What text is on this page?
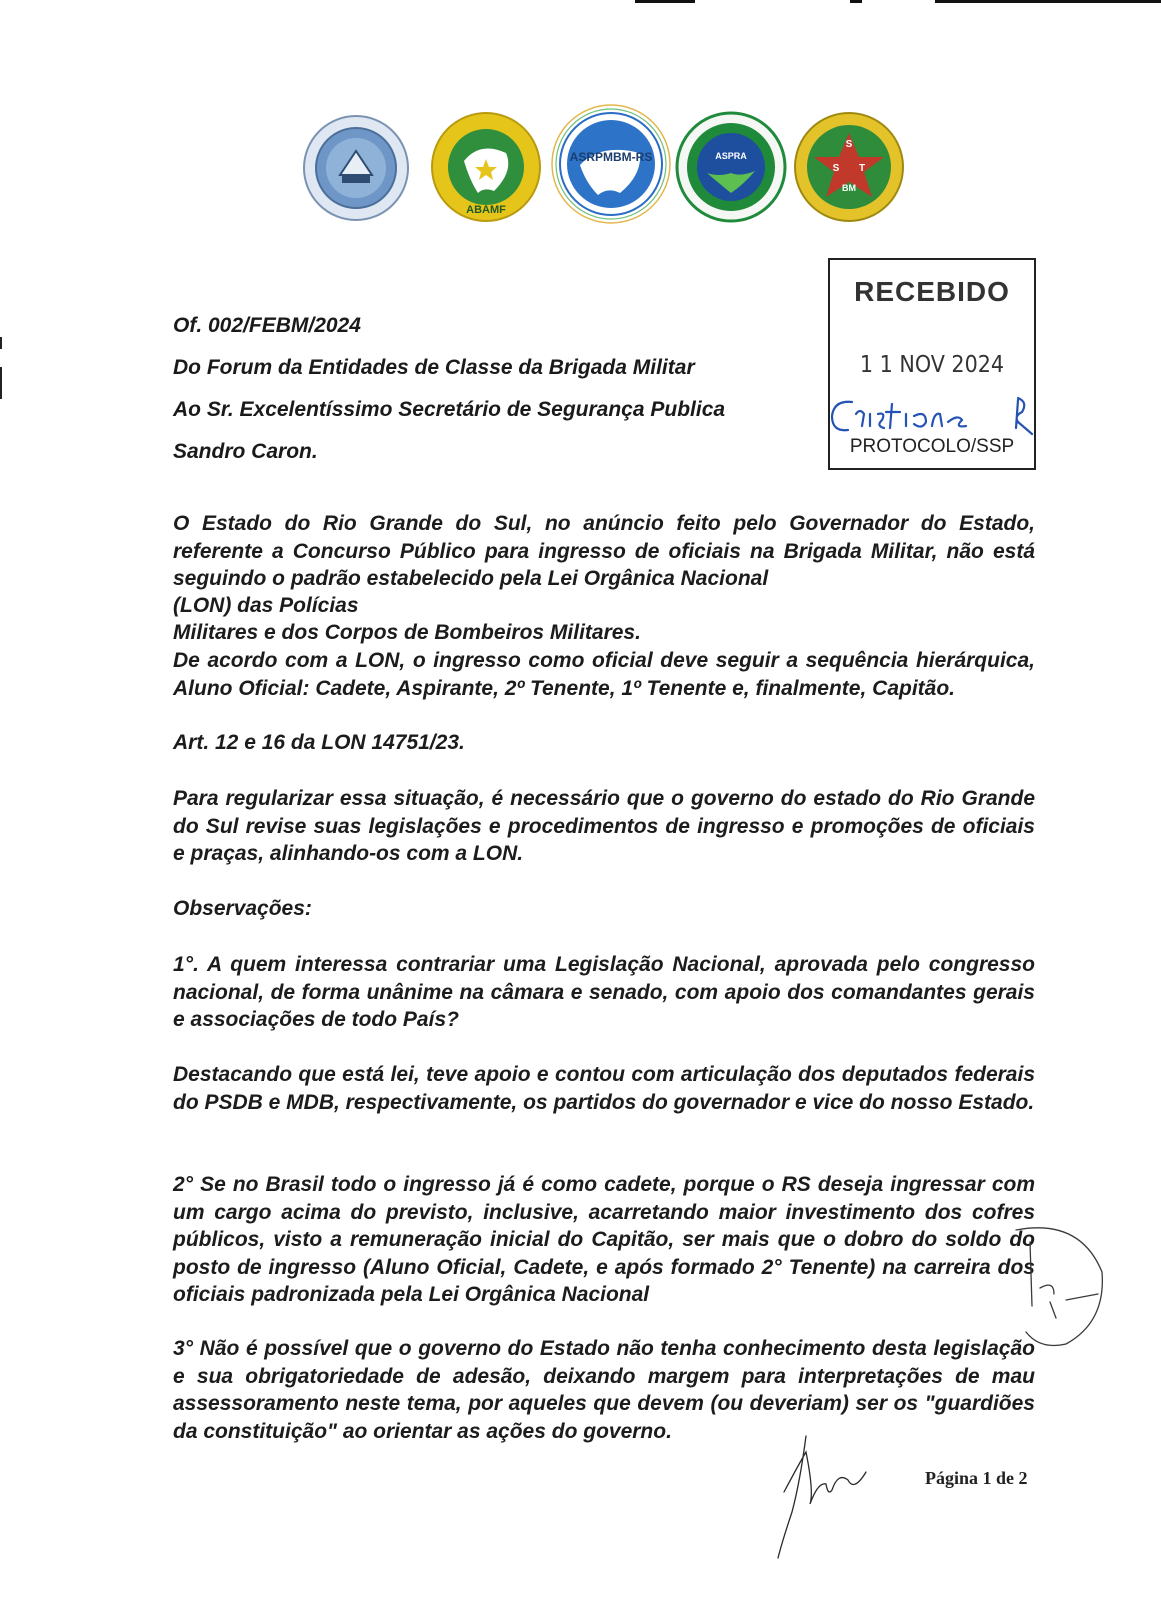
ABAMF
ASRPMBM-RS	ASPRA
S
S T
BM
Of. 002/FEBM/2024
Do Forum da Entidades de Classe da Brigada Militar
Ao Sr. Excelentíssimo Secretário de Segurança Publica
Sandro Caron.
RECEBIDO
1 1 NOV 2024
PROTOCOLO/SSP
O Estado do Rio Grande do Sul, no anúncio feito pelo Governador do Estado, referente a Concurso Público para ingresso de oficiais na Brigada Militar, não está seguindo o padrão estabelecido pela Lei Orgânica Nacional
(LON) das Polícias
Militares e dos Corpos de Bombeiros Militares.
De acordo com a LON, o ingresso como oficial deve seguir a sequência hierárquica, Aluno Oficial: Cadete, Aspirante, 2º Tenente, 1º Tenente e, finalmente, Capitão.
Art. 12 e 16 da LON 14751/23.
Para regularizar essa situação, é necessário que o governo do estado do Rio Grande do Sul revise suas legislações e procedimentos de ingresso e promoções de oficiais e praças, alinhando-os com a LON.
Observações:
1°. A quem interessa contrariar uma Legislação Nacional, aprovada pelo congresso nacional, de forma unânime na câmara e senado, com apoio dos comandantes gerais e associações de todo País?
Destacando que está lei, teve apoio e contou com articulação dos deputados federais do PSDB e MDB, respectivamente, os partidos do governador e vice do nosso Estado.
2° Se no Brasil todo o ingresso já é como cadete, porque o RS deseja ingressar com um cargo acima do previsto, inclusive, acarretando maior investimento dos cofres públicos, visto a remuneração inicial do Capitão, ser mais que o dobro do soldo do posto de ingresso (Aluno Oficial, Cadete, e após formado 2° Tenente) na carreira dos oficiais padronizada pela Lei Orgânica Nacional
3° Não é possível que o governo do Estado não tenha conhecimento desta legislação e sua obrigatoriedade de adesão, deixando margem para interpretações de mau assessoramento neste tema, por aqueles que devem (ou deveriam) ser os "guardiões da constituição" ao orientar as ações do governo.
Página 1 de 2
